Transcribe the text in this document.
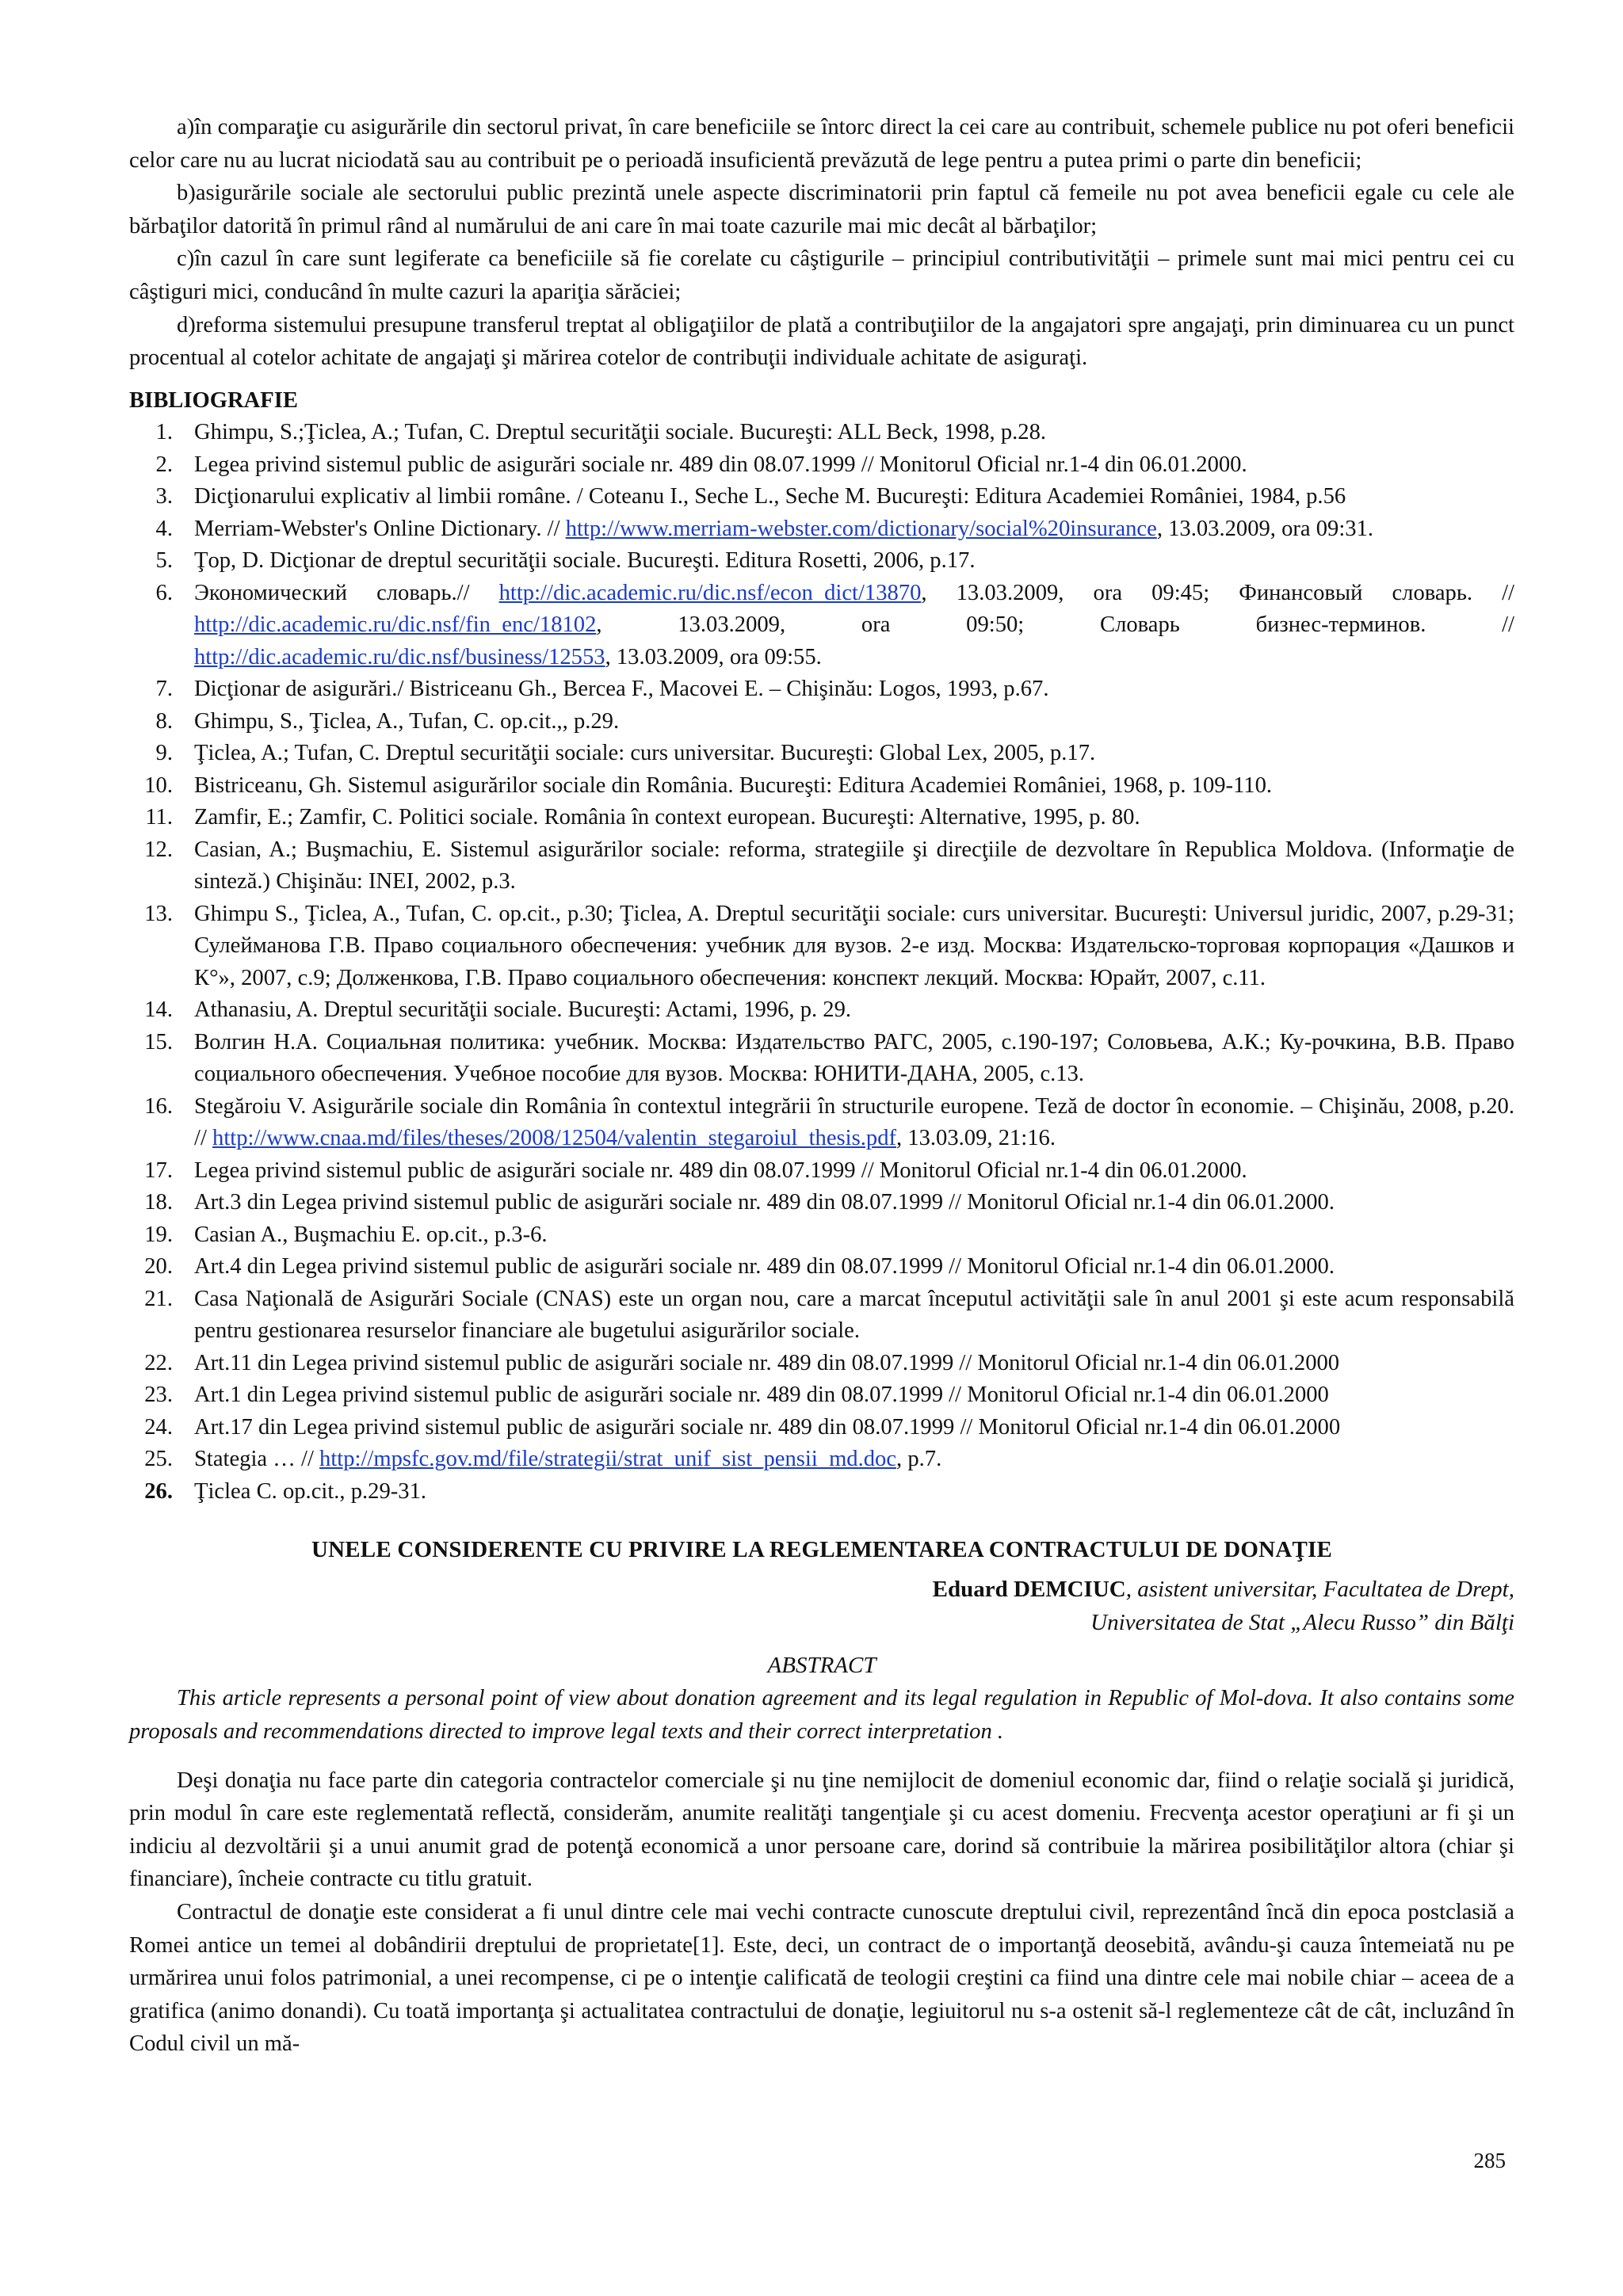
a)în comparaţie cu asigurările din sectorul privat, în care beneficiile se întorc direct la cei care au contribuit, schemele publice nu pot oferi beneficii celor care nu au lucrat niciodată sau au contribuit pe o perioadă insuficientă prevăzută de lege pentru a putea primi o parte din beneficii;

b)asigurările sociale ale sectorului public prezintă unele aspecte discriminatorii prin faptul că femeile nu pot avea beneficii egale cu cele ale bărbaţilor datorită în primul rând al numărului de ani care în mai toate cazurile mai mic decât al bărbaţilor;

c)în cazul în care sunt legiferate ca beneficiile să fie corelate cu câştigurile – principiul contributivităţii – primele sunt mai mici pentru cei cu câştiguri mici, conducând în multe cazuri la apariţia sărăciei;

d)reforma sistemului presupune transferul treptat al obligaţiilor de plată a contribuţiilor de la angajatori spre angajaţi, prin diminuarea cu un punct procentual al cotelor achitate de angajaţi şi mărirea cotelor de contribuţii individuale achitate de asiguraţi.

BIBLIOGRAFIE
1. Ghimpu, S.;Ţiclea, A.; Tufan, C. Dreptul securităţii sociale. Bucureşti: ALL Beck, 1998, p.28.
2. Legea privind sistemul public de asigurări sociale nr. 489 din 08.07.1999 // Monitorul Oficial nr.1-4 din 06.01.2000.
3. Dicţionarului explicativ al limbii române. / Coteanu I., Seche L., Seche M. Bucureşti: Editura Academiei României, 1984, p.56
4. Merriam-Webster's Online Dictionary. // http://www.merriam-webster.com/dictionary/social%20insurance, 13.03.2009, ora 09:31.
5. Ţop, D. Dicţionar de dreptul securităţii sociale. Bucureşti. Editura Rosetti, 2006, p.17.
6. Экономический словарь.// http://dic.academic.ru/dic.nsf/econ_dict/13870, 13.03.2009, ora 09:45; Финансовый словарь. // http://dic.academic.ru/dic.nsf/fin_enc/18102, 13.03.2009, ora 09:50; Словарь бизнес-терминов. // http://dic.academic.ru/dic.nsf/business/12553, 13.03.2009, ora 09:55.
7. Dicţionar de asigurări./ Bistriceanu Gh., Bercea F., Macovei E. – Chişinău: Logos, 1993, p.67.
8. Ghimpu, S., Ţiclea, A., Tufan, C. op.cit.,, p.29.
9. Ţiclea, A.; Tufan, C. Dreptul securităţii sociale: curs universitar. Bucureşti: Global Lex, 2005, p.17.
10. Bistriceanu, Gh. Sistemul asigurărilor sociale din România. Bucureşti: Editura Academiei României, 1968, p. 109-110.
11. Zamfir, E.; Zamfir, C. Politici sociale. România în context european. Bucureşti: Alternative, 1995, p. 80.
12. Casian, A.; Buşmachiu, E. Sistemul asigurărilor sociale: reforma, strategiile şi direcţiile de dezvoltare în Republica Moldova. (Informaţie de sinteză.) Chişinău: INEI, 2002, p.3.
13. Ghimpu S., Ţiclea, A., Tufan, C. op.cit., p.30; Ţiclea, A. Dreptul securităţii sociale: curs universitar. Bucureşti: Universul juridic, 2007, p.29-31; Сулейманова Г.В. Право социального обеспечения: учебник для вузов. 2-е изд. Москва: Издательско-торговая корпорация «Дашков и К°», 2007, с.9; Долженкова, Г.В. Право социального обеспечения: конспект лекций. Москва: Юрайт, 2007, с.11.
14. Athanasiu, A. Dreptul securităţii sociale. Bucureşti: Actami, 1996, p. 29.
15. Волгин Н.А. Социальная политика: учебник. Москва: Издательство РАГС, 2005, с.190-197; Соловьева, А.К.; Ку-рочкина, В.В. Право социального обеспечения. Учебное пособие для вузов. Москва: ЮНИТИ-ДАНА, 2005, с.13.
16. Stegăroiu V. Asigurările sociale din România în contextul integrării în structurile europene. Teză de doctor în economie. – Chişinău, 2008, p.20. // http://www.cnaa.md/files/theses/2008/12504/valentin_stegaroiul_thesis.pdf, 13.03.09, 21:16.
17. Legea privind sistemul public de asigurări sociale nr. 489 din 08.07.1999 // Monitorul Oficial nr.1-4 din 06.01.2000.
18. Art.3 din Legea privind sistemul public de asigurări sociale nr. 489 din 08.07.1999 // Monitorul Oficial nr.1-4 din 06.01.2000.
19. Casian A., Buşmachiu E. op.cit., p.3-6.
20. Art.4 din Legea privind sistemul public de asigurări sociale nr. 489 din 08.07.1999 // Monitorul Oficial nr.1-4 din 06.01.2000.
21. Casa Naţională de Asigurări Sociale (CNAS) este un organ nou, care a marcat începutul activităţii sale în anul 2001 şi este acum responsabilă pentru gestionarea resurselor financiare ale bugetului asigurărilor sociale.
22. Art.11 din Legea privind sistemul public de asigurări sociale nr. 489 din 08.07.1999 // Monitorul Oficial nr.1-4 din 06.01.2000
23. Art.1 din Legea privind sistemul public de asigurări sociale nr. 489 din 08.07.1999 // Monitorul Oficial nr.1-4 din 06.01.2000
24. Art.17 din Legea privind sistemul public de asigurări sociale nr. 489 din 08.07.1999 // Monitorul Oficial nr.1-4 din 06.01.2000
25. Stategia … // http://mpsfc.gov.md/file/strategii/strat_unif_sist_pensii_md.doc, p.7.
26. Ţiclea C. op.cit., p.29-31.
UNELE CONSIDERENTE CU PRIVIRE LA REGLEMENTAREA CONTRACTULUI DE DONAŢIE

Eduard DEMCIUC, asistent universitar, Facultatea de Drept,

Universitatea de Stat „Alecu Russo” din Bălţi

ABSTRACT

This article represents a personal point of view about donation agreement and its legal regulation in Republic of Mol-dova. It also contains some proposals and recommendations directed to improve legal texts and their correct interpretation .

Deşi donaţia nu face parte din categoria contractelor comerciale şi nu ţine nemijlocit de domeniul economic dar, fiind o relaţie socială şi juridică, prin modul în care este reglementată reflectă, considerăm, anumite realităţi tangenţiale şi cu acest domeniu. Frecvenţa acestor operaţiuni ar fi şi un indiciu al dezvoltării şi a unui anumit grad de potenţă economică a unor persoane care, dorind să contribuie la mărirea posibilităţilor altora (chiar şi financiare), încheie contracte cu titlu gratuit.

Contractul de donaţie este considerat a fi unul dintre cele mai vechi contracte cunoscute dreptului civil, reprezentând încă din epoca postclasiă a Romei antice un temei al dobândirii dreptului de proprietate[1]. Este, deci, un contract de o importanţă deosebită, avându-şi cauza întemeiată nu pe urmărirea unui folos patrimonial, a unei recompense, ci pe o intenţie calificată de teologii creştini ca fiind una dintre cele mai nobile chiar – aceea de a gratifica (animo donandi). Cu toată importanţa şi actualitatea contractului de donaţie, legiuitorul nu s-a ostenit să-l reglementeze cât de cât, incluzând în Codul civil un mă-

285
